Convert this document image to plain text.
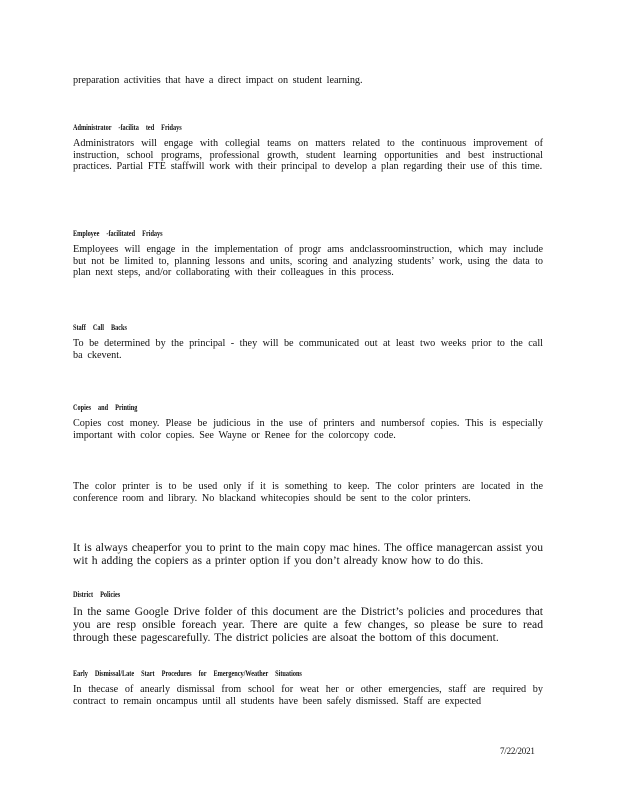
preparation activities that have a direct impact on student learning.
Administrator -facilita ted Fridays

Administrators will engage with collegial teams on matters related to the continuous improvement of instruction, school programs, professional growth, student learning opportunities and best instructional practices. Partial FTE staffwill work with their principal to develop a plan regarding their use of this time.

Employee -facilitated Fridays

Employees will engage in the implementation of progr ams andclassroominstruction, which may include but not be limited to, planning lessons and units, scoring and analyzing students’ work, using the data to plan next steps, and/or collaborating with their colleagues in this process.

Staff Call Backs

To be determined by the principal - they will be communicated out at least two weeks prior to the call ba ckevent.

Copies and Printing

Copies cost money. Please be judicious in the use of printers and numbersof copies. This is especially important with color copies. See Wayne or Renee for the colorcopy code.

The color printer is to be used only if it is something to keep. The color printers are located in the conference room and library. No blackand whitecopies should be sent to the color printers.

It is always cheaperfor you to print to the main copy mac hines. The office managercan assist you wit h adding the copiers as a printer option if you don’t already know how to do this.

District Policies

In the same Google Drive folder of this document are the District’s policies and procedures that you are resp onsible foreach year. There are quite a few changes, so please be sure to read through these pagescarefully. The district policies are alsoat the bottom of this document.

Early Dismissal/Late Start Procedures for Emergency/Weather Situations

In thecase of anearly dismissal from school for weat her or other emergencies, staff are required by contract to remain oncampus until all students have been safely dismissed. Staff are expected

7/22/2021
